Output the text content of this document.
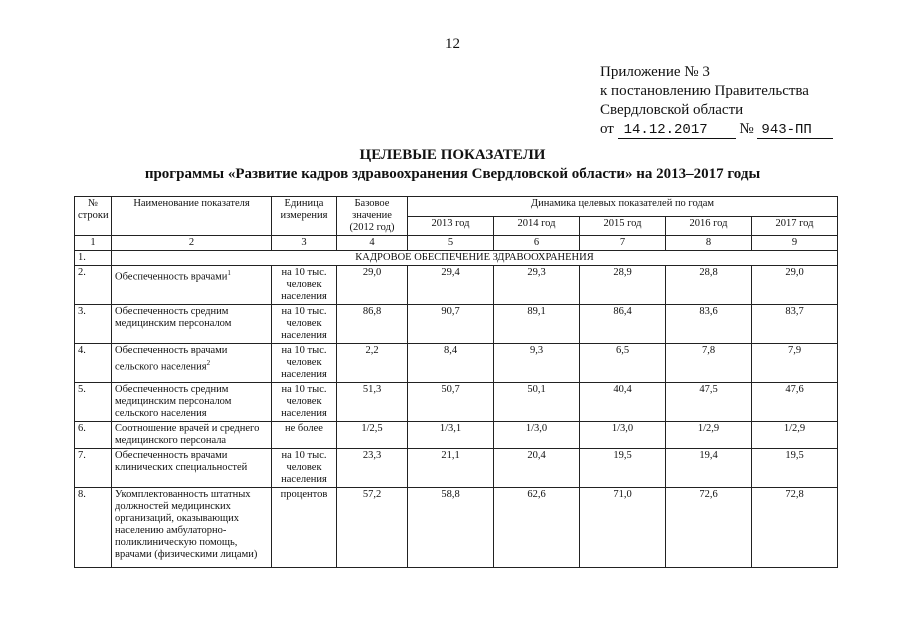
12
Приложение № 3
к постановлению Правительства
Свердловской области
от 14.12.2017 № 943-ПП
ЦЕЛЕВЫЕ ПОКАЗАТЕЛИ
программы «Развитие кадров здравоохранения Свердловской области» на 2013–2017 годы
№ строки	Наименование показателя	Единица измерения	Базовое значение (2012 год)	Динамика целевых показателей по годам				
				2013 год	2014 год	2015 год	2016 год	2017 год
1	2	3	4	5	6	7	8	9
1.	КАДРОВОЕ ОБЕСПЕЧЕНИЕ ЗДРАВООХРАНЕНИЯ							
2.	Обеспеченность врачами$^1$	на 10 тыс. человек населения	29,0	29,4	29,3	28,9	28,8	29,0
3.	Обеспеченность средним медицинским персоналом	на 10 тыс. человек населения	86,8	90,7	89,1	86,4	83,6	83,7
4.	Обеспеченность врачами сельского населения$^2$	на 10 тыс. человек населения	2,2	8,4	9,3	6,5	7,8	7,9
5.	Обеспеченность средним медицинским персоналом сельского населения	на 10 тыс. человек населения	51,3	50,7	50,1	40,4	47,5	47,6
6.	Соотношение врачей и среднего медицинского персонала	не более	1/2,5	1/3,1	1/3,0	1/3,0	1/2,9	1/2,9
7.	Обеспеченность врачами клинических специальностей	на 10 тыс. человек населения	23,3	21,1	20,4	19,5	19,4	19,5
8.	Укомплектованность штатных должностей медицинских организаций, оказывающих населению амбулаторно-поликлиническую помощь, врачами (физическими лицами)	процентов	57,2	58,8	62,6	71,0	72,6	72,8
